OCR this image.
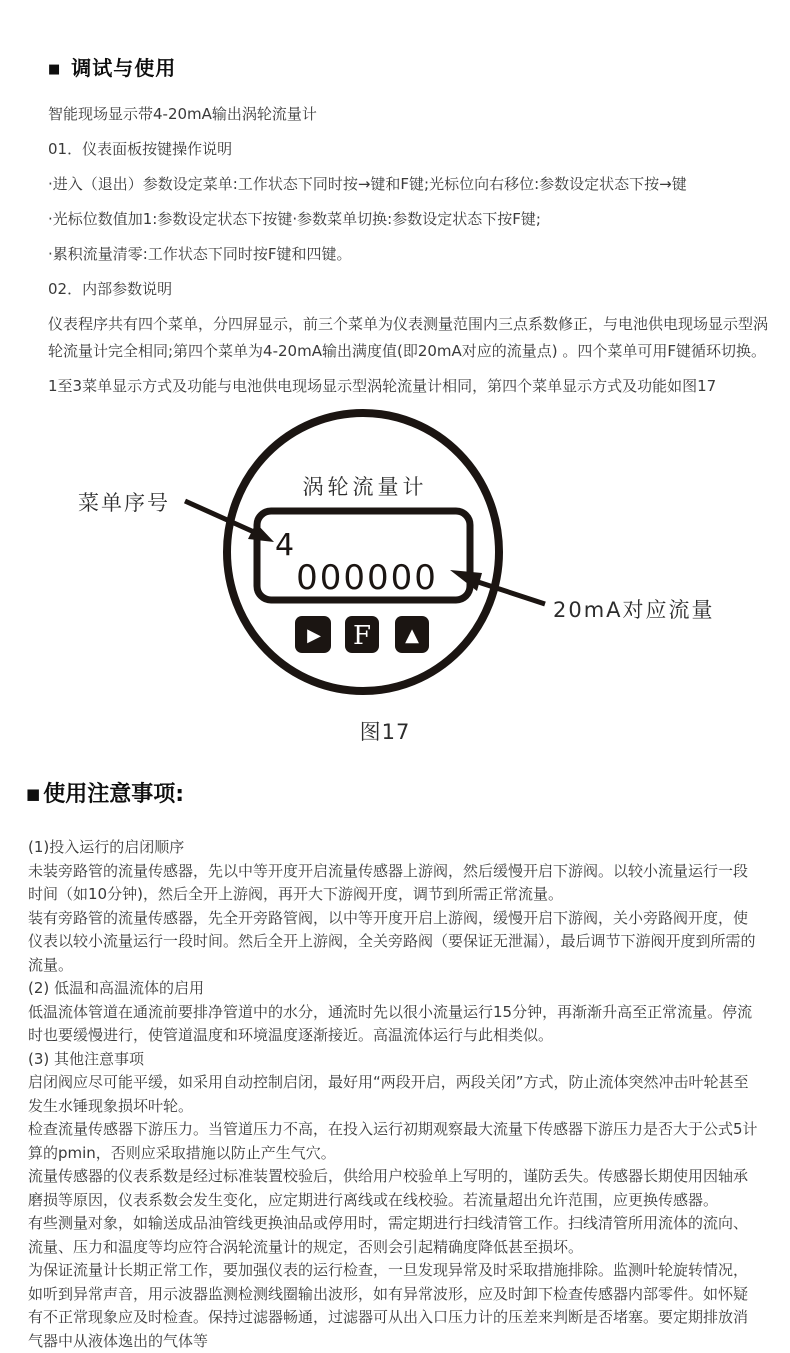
■ 调试与使用

智能现场显示带4-20mA输出涡轮流量计

01．仪表面板按键操作说明

·进入（退出）参数设定菜单:工作状态下同时按→键和F键;光标位向右移位:参数设定状态下按→键

·光标位数值加1:参数设定状态下按键·参数菜单切换:参数设定状态下按F键;

·累积流量清零:工作状态下同时按F键和四键。

02．内部参数说明

仪表程序共有四个菜单，分四屏显示，前三个菜单为仪表测量范围内三点系数修正，与电池供电现场显示型涡轮流量计完全相同;第四个菜单为4-20mA输出满度值(即20mA对应的流量点) 。四个菜单可用F键循环切换。

1至3菜单显示方式及功能与电池供电现场显示型涡轮流量计相同，第四个菜单显示方式及功能如图17

涡轮流量计
4
000000
▶ F ▲
菜单序号
20mA对应流量
图17
■ 使用注意事项:

(1)投入运行的启闭顺序

未装旁路管的流量传感器，先以中等开度开启流量传感器上游阀，然后缓慢开启下游阀。以较小流量运行一段时间（如10分钟)，然后全开上游阀，再开大下游阀开度，调节到所需正常流量。

装有旁路管的流量传感器，先全开旁路管阀，以中等开度开启上游阀，缓慢开启下游阀，关小旁路阀开度，使仪表以较小流量运行一段时间。然后全开上游阀，全关旁路阀（要保证无泄漏），最后调节下游阀开度到所需的流量。

(2) 低温和高温流体的启用

低温流体管道在通流前要排净管道中的水分，通流时先以很小流量运行15分钟，再渐渐升高至正常流量。停流时也要缓慢进行，使管道温度和环境温度逐渐接近。高温流体运行与此相类似。

(3) 其他注意事项

启闭阀应尽可能平缓，如采用自动控制启闭，最好用“两段开启，两段关闭”方式，防止流体突然冲击叶轮甚至发生水锤现象损坏叶轮。

检查流量传感器下游压力。当管道压力不高，在投入运行初期观察最大流量下传感器下游压力是否大于公式5计算的pmin，否则应采取措施以防止产生气穴。

流量传感器的仪表系数是经过标准装置校验后，供给用户校验单上写明的，谨防丢失。传感器长期使用因轴承磨损等原因，仪表系数会发生变化，应定期进行离线或在线校验。若流量超出允许范围，应更换传感器。

有些测量对象，如输送成品油管线更换油品或停用时，需定期进行扫线清管工作。扫线清管所用流体的流向、流量、压力和温度等均应符合涡轮流量计的规定，否则会引起精确度降低甚至损坏。

为保证流量计长期正常工作，要加强仪表的运行检查，一旦发现异常及时采取措施排除。监测叶轮旋转情况，如听到异常声音，用示波器监测检测线圈输出波形，如有异常波形，应及时卸下检查传感器内部零件。如怀疑有不正常现象应及时检查。保持过滤器畅通，过滤器可从出入口压力计的压差来判断是否堵塞。要定期排放消气器中从液体逸出的气体等
